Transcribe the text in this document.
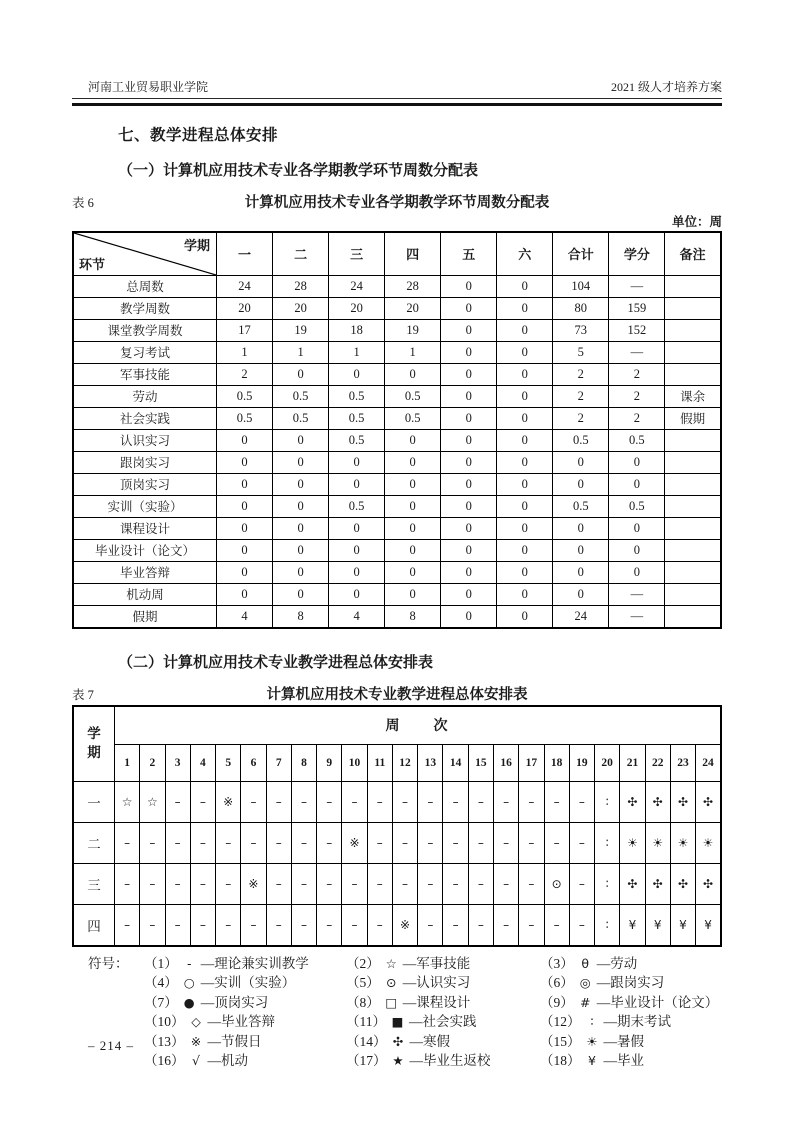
河南工业贸易职业学院	2021 级人才培养方案
七、教学进程总体安排
（一）计算机应用技术专业各学期教学环节周数分配表
表 6	计算机应用技术专业各学期教学环节周数分配表
单位：周
学期
环节	一	二	三	四	五	六	合计	学分	备注
总周数	24	28	24	28	0	0	104	—	
教学周数	20	20	20	20	0	0	80	159	
课堂教学周数	17	19	18	19	0	0	73	152	
复习考试	1	1	1	1	0	0	5	—	
军事技能	2	0	0	0	0	0	2	2	
劳动	0.5	0.5	0.5	0.5	0	0	2	2	课余
社会实践	0.5	0.5	0.5	0.5	0	0	2	2	假期
认识实习	0	0	0.5	0	0	0	0.5	0.5	
跟岗实习	0	0	0	0	0	0	0	0	
顶岗实习	0	0	0	0	0	0	0	0	
实训（实验）	0	0	0.5	0	0	0	0.5	0.5	
课程设计	0	0	0	0	0	0	0	0	
毕业设计（论文）	0	0	0	0	0	0	0	0	
毕业答辩	0	0	0	0	0	0	0	0	
机动周	0	0	0	0	0	0	0	—	
假期	4	8	4	8	0	0	24	—	
（二）计算机应用技术专业教学进程总体安排表
表 7	计算机应用技术专业教学进程总体安排表
学
期	周　　次																							
	1	2	3	4	5	6	7	8	9	10	11	12	13	14	15	16	17	18	19	20	21	22	23	24
一	☆	☆	–	–	※	–	–	–	–	–	–	–	–	–	–	–	–	–	–	∶	✣	✣	✣	✣
二	–	–	–	–	–	–	–	–	–	※	–	–	–	–	–	–	–	–	–	∶	☀	☀	☀	☀
三	–	–	–	–	–	※	–	–	–	–	–	–	–	–	–	–	–	⊙	–	∶	✣	✣	✣	✣
四	–	–	–	–	–	–	–	–	–	–	–	※	–	–	–	–	–	–	–	∶	¥	¥	¥	¥
符号：	（1） - —理论兼实训教学	（2） ☆ —军事技能	（3） θ —劳动
（4） ○ —实训（实验）	（5） ⊙ —认识实习	（6） ◎ —跟岗实习
（7） ● —顶岗实习	（8） □ —课程设计	（9） # —毕业设计（论文）
（10） ◇ —毕业答辩	（11） ■ —社会实践	（12） ∶ —期末考试
（13） ※ —节假日	（14） ✣ —寒假	（15） ☀ —暑假
（16） √ —机动	（17） ★ —毕业生返校	（18） ¥ —毕业
– 214 –
